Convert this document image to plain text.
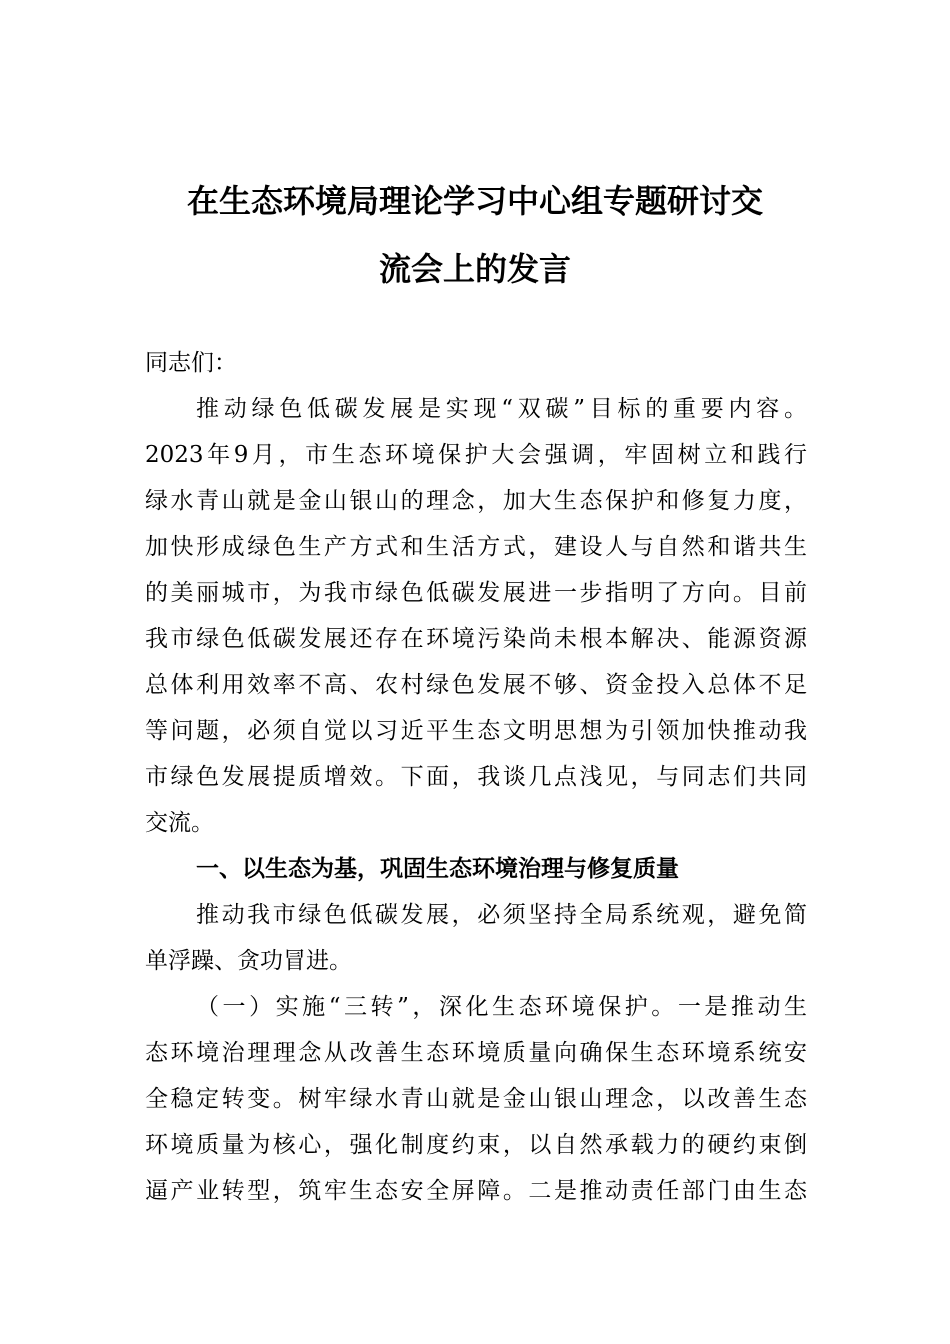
在生态环境局理论学习中心组专题研讨交
流会上的发言
同志们：
推动绿色低碳发展是实现“双碳”目标的重要内容。
2023年9月，市生态环境保护大会强调，牢固树立和践行
绿水青山就是金山银山的理念，加大生态保护和修复力度，
加快形成绿色生产方式和生活方式，建设人与自然和谐共生
的美丽城市，为我市绿色低碳发展进一步指明了方向。目前
我市绿色低碳发展还存在环境污染尚未根本解决、能源资源
总体利用效率不高、农村绿色发展不够、资金投入总体不足
等问题，必须自觉以习近平生态文明思想为引领加快推动我
市绿色发展提质增效。下面，我谈几点浅见，与同志们共同
交流。
一、以生态为基，巩固生态环境治理与修复质量
推动我市绿色低碳发展，必须坚持全局系统观，避免简
单浮躁、贪功冒进。
（一）实施“三转”，深化生态环境保护。一是推动生
态环境治理理念从改善生态环境质量向确保生态环境系统安
全稳定转变。树牢绿水青山就是金山银山理念，以改善生态
环境质量为核心，强化制度约束，以自然承载力的硬约束倒
逼产业转型，筑牢生态安全屏障。二是推动责任部门由生态
